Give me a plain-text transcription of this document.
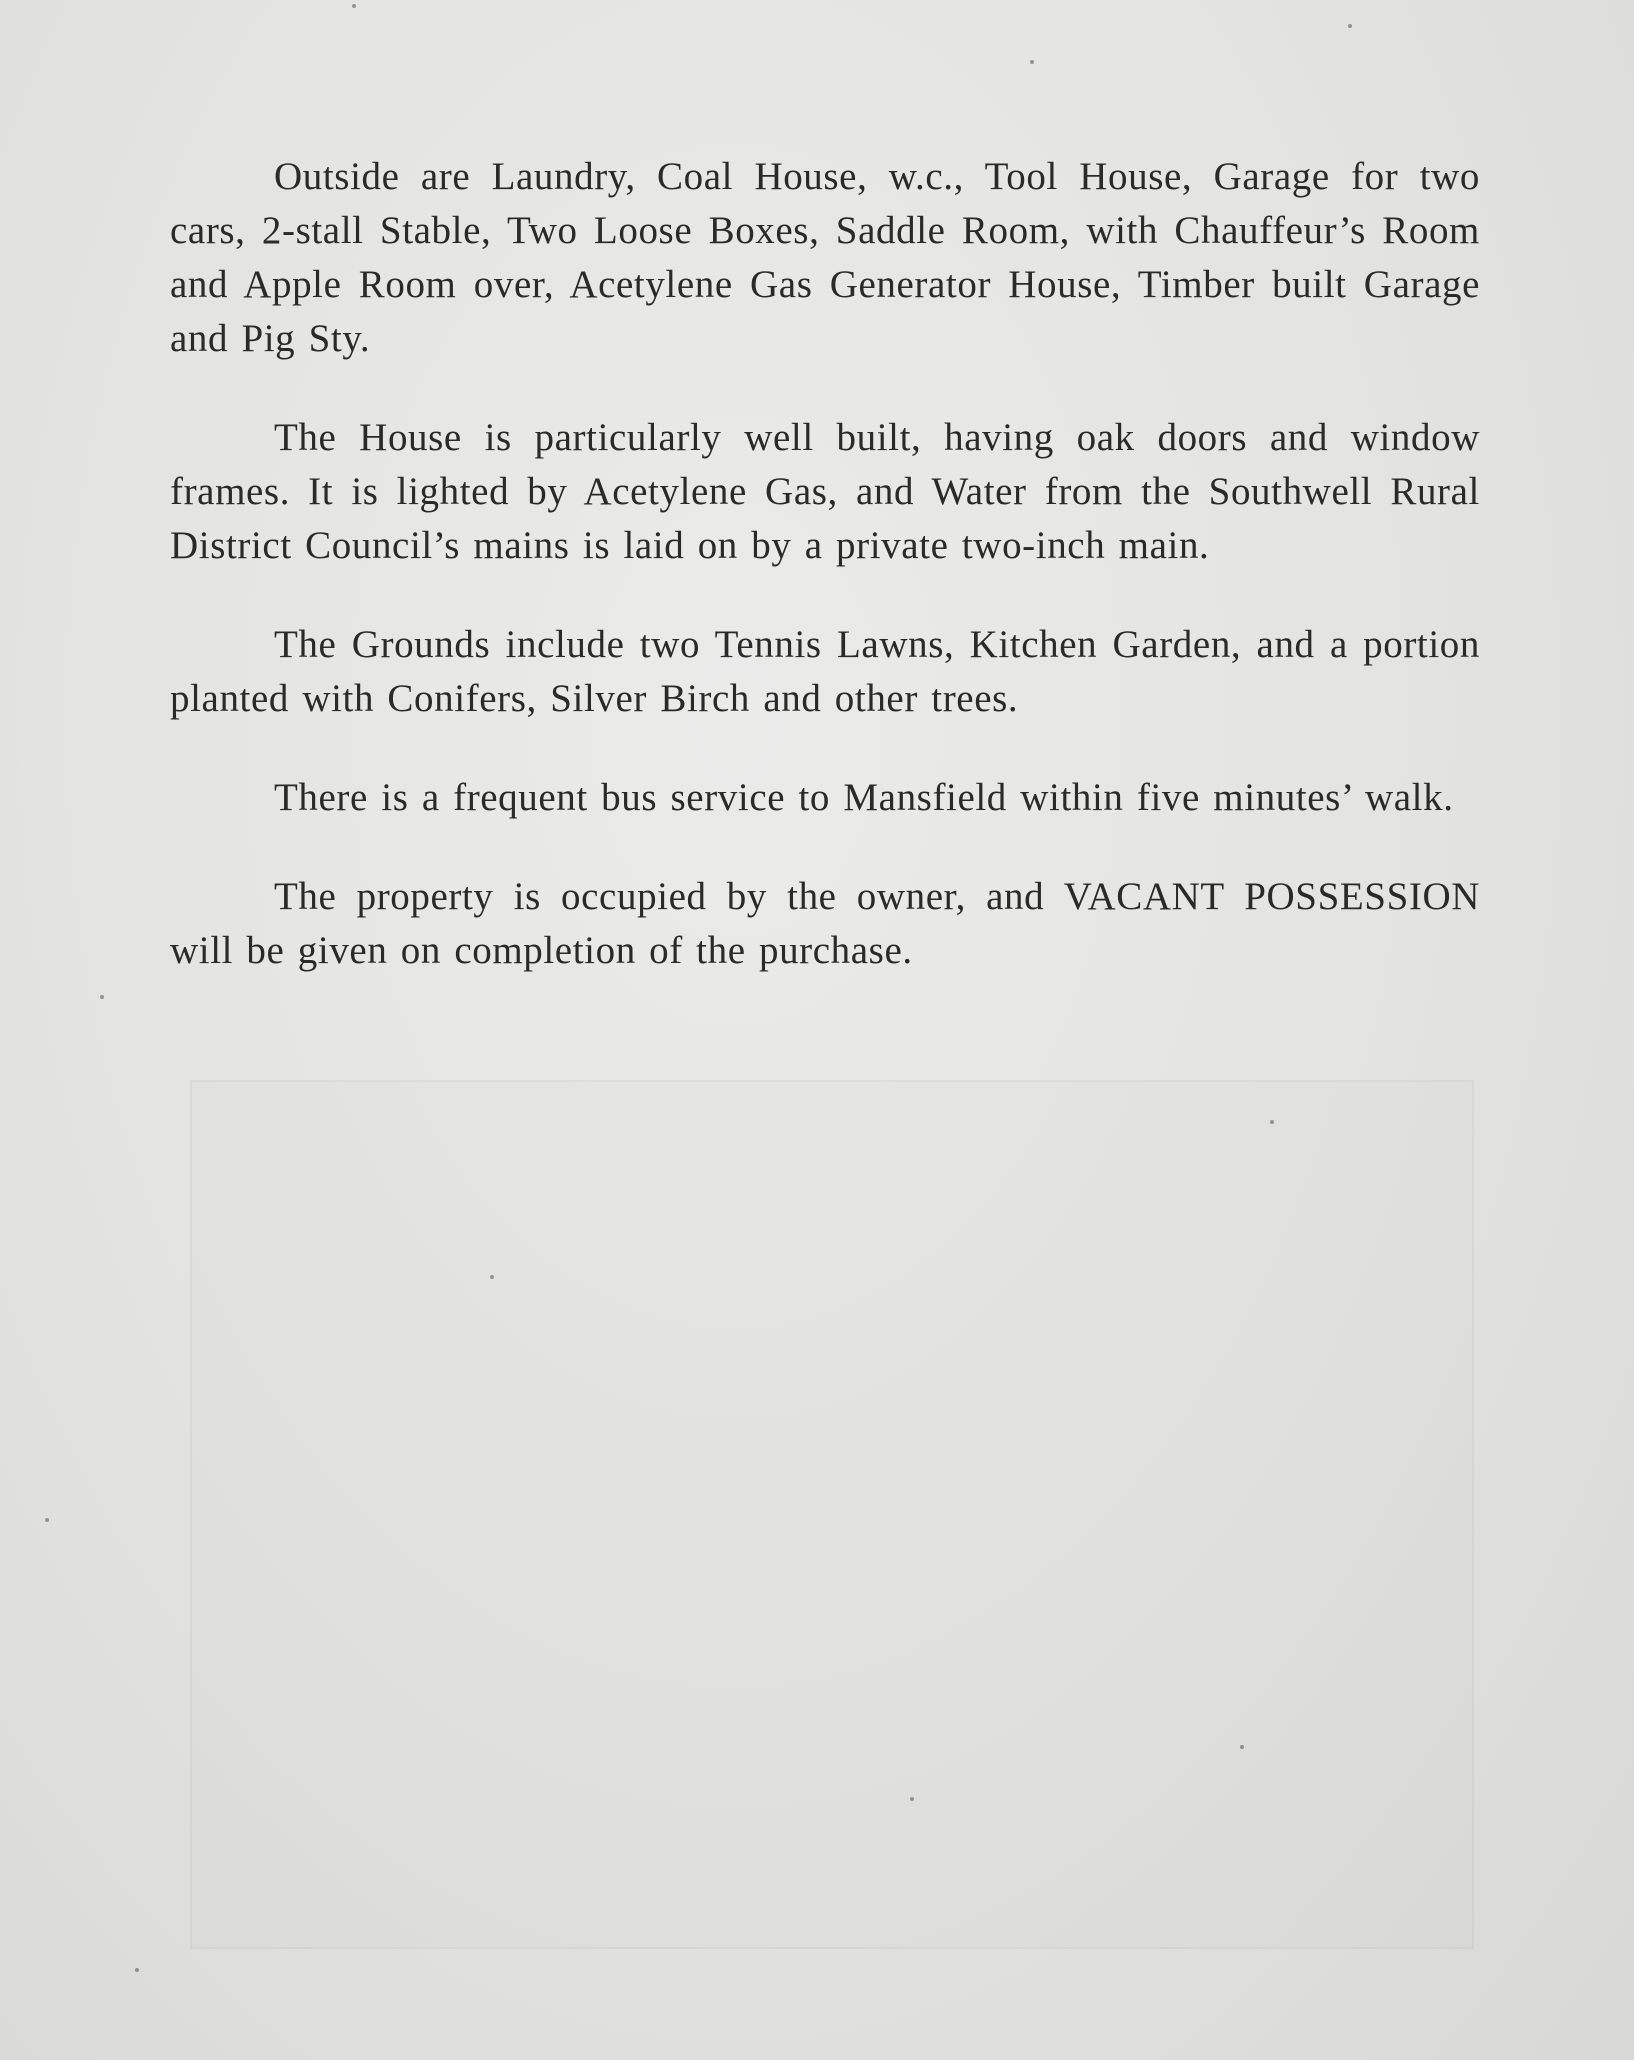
Outside are Laundry, Coal House, w.c., Tool House, Garage for two cars, 2-stall Stable, Two Loose Boxes, Saddle Room, with Chauffeur’s Room and Apple Room over, Acetylene Gas Generator House, Timber built Garage and Pig Sty.

The House is particularly well built, having oak doors and window frames. It is lighted by Acetylene Gas, and Water from the Southwell Rural District Council’s mains is laid on by a private two-inch main.

The Grounds include two Tennis Lawns, Kitchen Garden, and a portion planted with Conifers, Silver Birch and other trees.

There is a frequent bus service to Mansfield within five minutes’ walk.

The property is occupied by the owner, and VACANT POSSESSION will be given on completion of the purchase.
